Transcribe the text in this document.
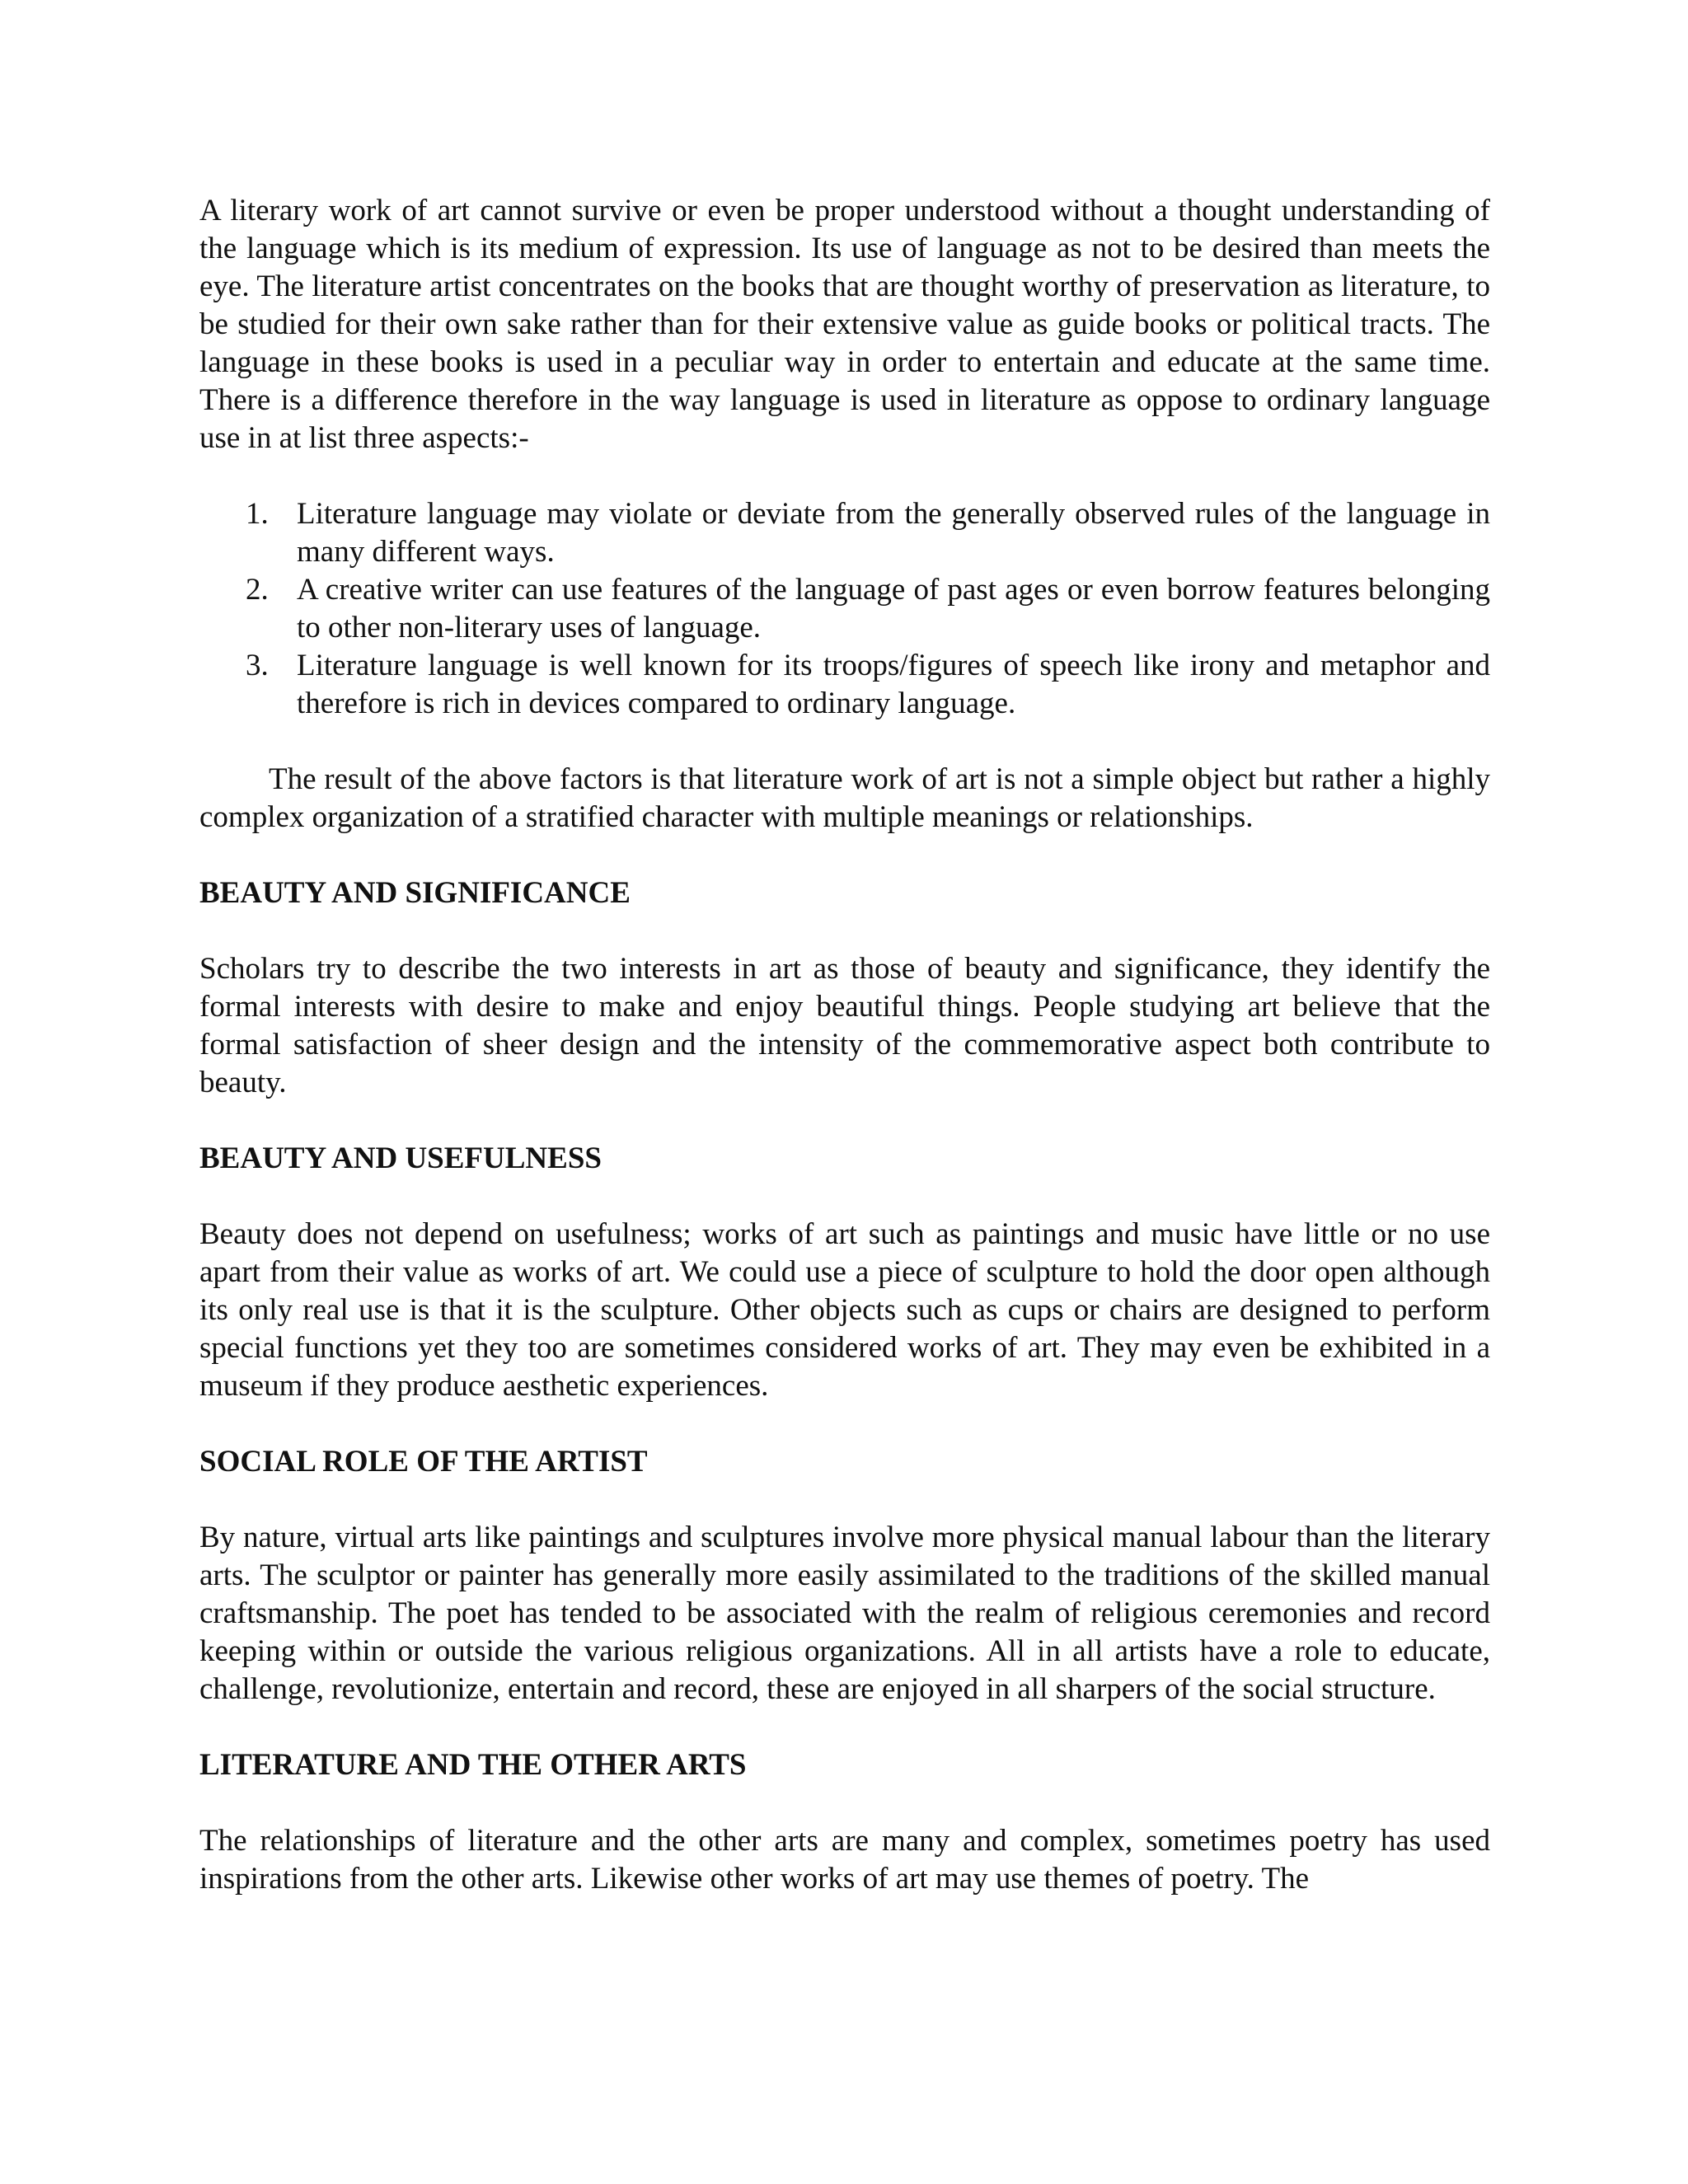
A literary work of art cannot survive or even be proper understood without a thought understanding of the language which is its medium of expression. Its use of language as not to be desired than meets the eye. The literature artist concentrates on the books that are thought worthy of preservation as literature, to be studied for their own sake rather than for their extensive value as guide books or political tracts. The language in these books is used in a peculiar way in order to entertain and educate at the same time. There is a difference therefore in the way language is used in literature as oppose to ordinary language use in at list three aspects:-

1. Literature language may violate or deviate from the generally observed rules of the language in many different ways.
2. A creative writer can use features of the language of past ages or even borrow features belonging to other non-literary uses of language.
3. Literature language is well known for its troops/figures of speech like irony and metaphor and therefore is rich in devices compared to ordinary language.

The result of the above factors is that literature work of art is not a simple object but rather a highly complex organization of a stratified character with multiple meanings or relationships.

BEAUTY AND SIGNIFICANCE

Scholars try to describe the two interests in art as those of beauty and significance, they identify the formal interests with desire to make and enjoy beautiful things. People studying art believe that the formal satisfaction of sheer design and the intensity of the commemorative aspect both contribute to beauty.

BEAUTY AND USEFULNESS

Beauty does not depend on usefulness; works of art such as paintings and music have little or no use apart from their value as works of art. We could use a piece of sculpture to hold the door open although its only real use is that it is the sculpture. Other objects such as cups or chairs are designed to perform special functions yet they too are sometimes considered works of art. They may even be exhibited in a museum if they produce aesthetic experiences.

SOCIAL ROLE OF THE ARTIST

By nature, virtual arts like paintings and sculptures involve more physical manual labour than the literary arts. The sculptor or painter has generally more easily assimilated to the traditions of the skilled manual craftsmanship. The poet has tended to be associated with the realm of religious ceremonies and record keeping within or outside the various religious organizations. All in all artists have a role to educate, challenge, revolutionize, entertain and record, these are enjoyed in all sharpers of the social structure.

LITERATURE AND THE OTHER ARTS

The relationships of literature and the other arts are many and complex, sometimes poetry has used inspirations from the other arts. Likewise other works of art may use themes of poetry. The
